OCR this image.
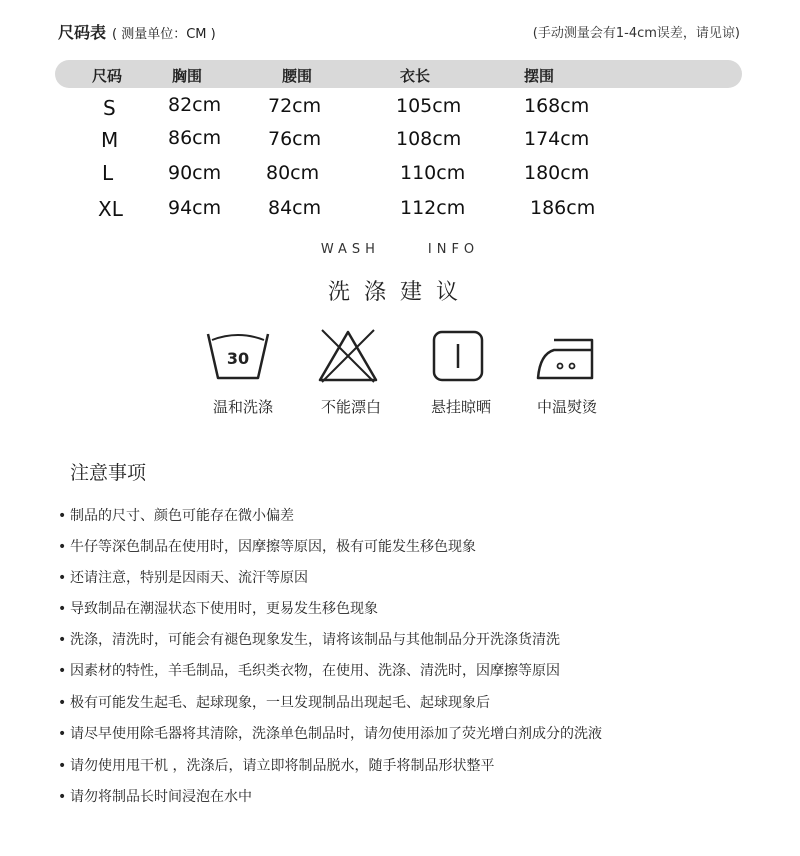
尺码表 ( 测量单位：CM )	(手动测量会有1-4cm误差，请见谅)
尺码	胸围	腰围	衣长	摆围
S	82cm 72cm	105cm	168cm
M	86cm 76cm	108cm	174cm
L	90cm 80cm	110cm	180cm
XL 94cm 84cm	112cm	186cm
WASH	INFO
洗涤建议
30
温和洗涤	不能漂白	悬挂晾晒	中温熨烫
注意事项
• 制品的尺寸、颜色可能存在微小偏差
• 牛仔等深色制品在使用时，因摩擦等原因，极有可能发生移色现象
• 还请注意，特别是因雨天、流汗等原因
• 导致制品在潮湿状态下使用时，更易发生移色现象
• 洗涤，清洗时，可能会有褪色现象发生，请将该制品与其他制品分开洗涤货清洗
• 因素材的特性，羊毛制品，毛织类衣物，在使用、洗涤、清洗时，因摩擦等原因
• 极有可能发生起毛、起球现象，一旦发现制品出现起毛、起球现象后
• 请尽早使用除毛器将其清除，洗涤单色制品时，请勿使用添加了荧光增白剂成分的洗液
• 请勿使用甩干机 ，洗涤后，请立即将制品脱水，随手将制品形状整平
• 请勿将制品长时间浸泡在水中
